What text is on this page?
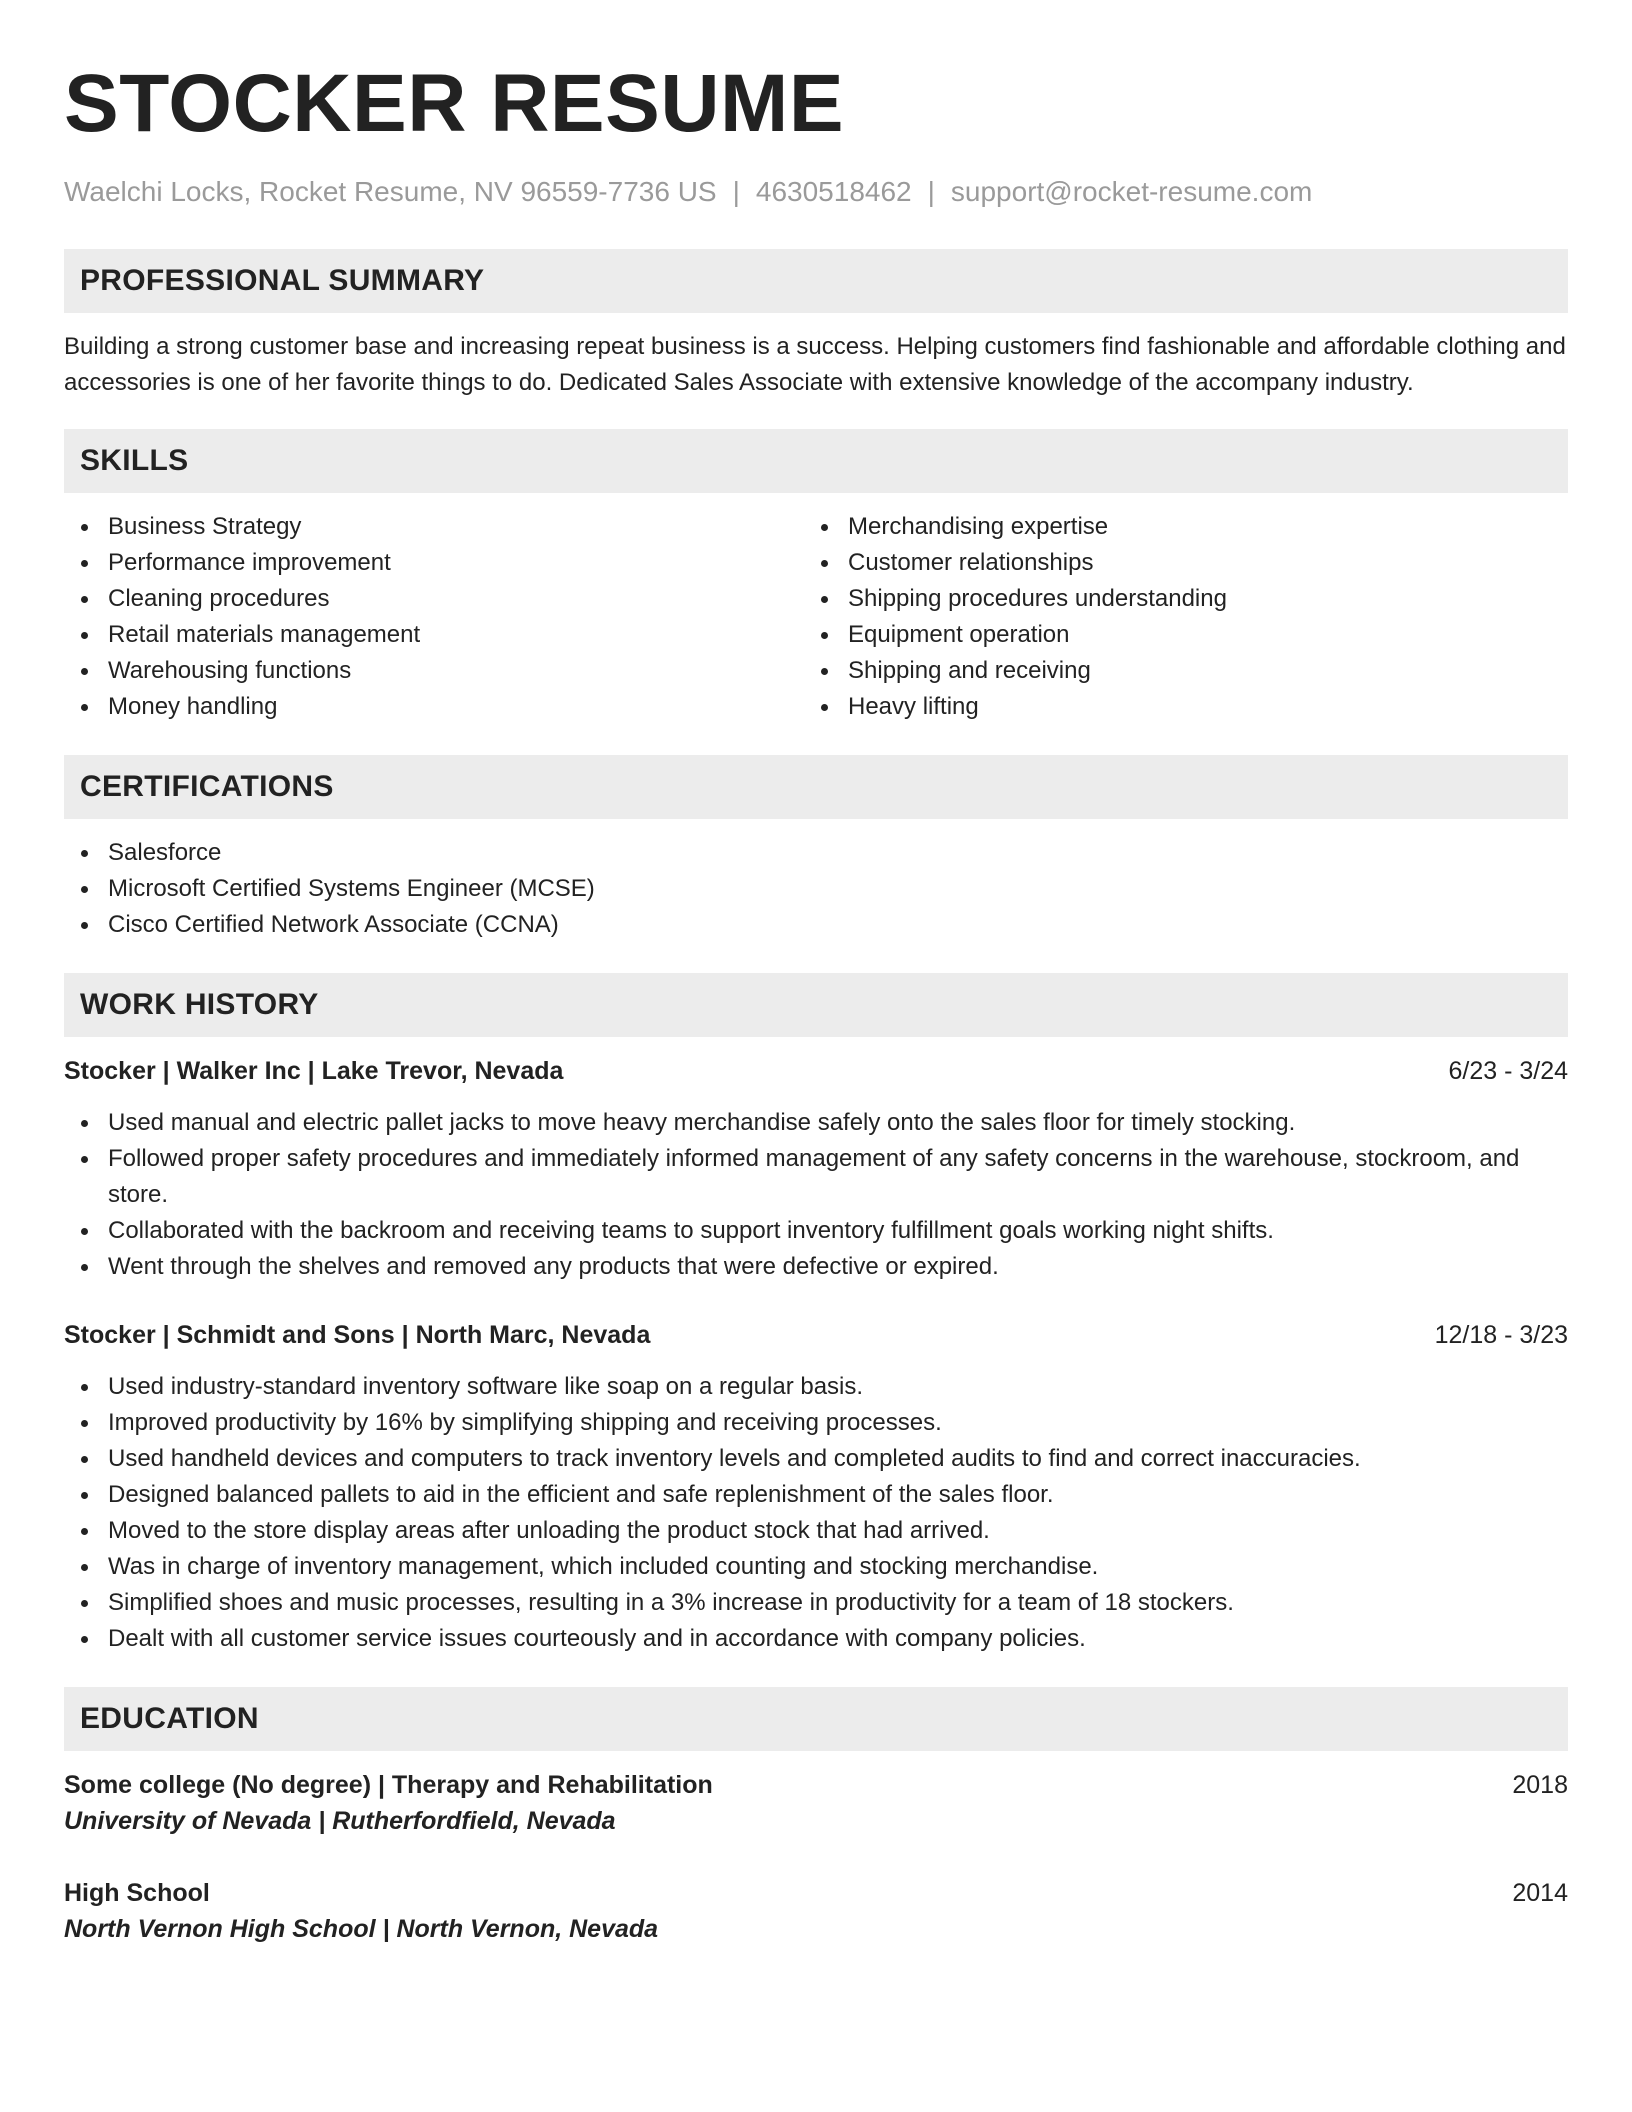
STOCKER RESUME
Waelchi Locks, Rocket Resume, NV 96559-7736 US | 4630518462 | support@rocket-resume.com
PROFESSIONAL SUMMARY

Building a strong customer base and increasing repeat business is a success. Helping customers find fashionable and affordable clothing and accessories is one of her favorite things to do. Dedicated Sales Associate with extensive knowledge of the accompany industry.

SKILLS
Business Strategy
Performance improvement
Cleaning procedures
Retail materials management
Warehousing functions
Money handling
Merchandising expertise
Customer relationships
Shipping procedures understanding
Equipment operation
Shipping and receiving
Heavy lifting
CERTIFICATIONS
Salesforce
Microsoft Certified Systems Engineer (MCSE)
Cisco Certified Network Associate (CCNA)
WORK HISTORY
Stocker | Walker Inc | Lake Trevor, Nevada	6/23 - 3/24
Used manual and electric pallet jacks to move heavy merchandise safely onto the sales floor for timely stocking.
Followed proper safety procedures and immediately informed management of any safety concerns in the warehouse, stockroom, and store.
Collaborated with the backroom and receiving teams to support inventory fulfillment goals working night shifts.
Went through the shelves and removed any products that were defective or expired.
Stocker | Schmidt and Sons | North Marc, Nevada	12/18 - 3/23
Used industry-standard inventory software like soap on a regular basis.
Improved productivity by 16% by simplifying shipping and receiving processes.
Used handheld devices and computers to track inventory levels and completed audits to find and correct inaccuracies.
Designed balanced pallets to aid in the efficient and safe replenishment of the sales floor.
Moved to the store display areas after unloading the product stock that had arrived.
Was in charge of inventory management, which included counting and stocking merchandise.
Simplified shoes and music processes, resulting in a 3% increase in productivity for a team of 18 stockers.
Dealt with all customer service issues courteously and in accordance with company policies.
EDUCATION
Some college (No degree) | Therapy and Rehabilitation	2018
University of Nevada | Rutherfordfield, Nevada
High School	2014
North Vernon High School | North Vernon, Nevada
